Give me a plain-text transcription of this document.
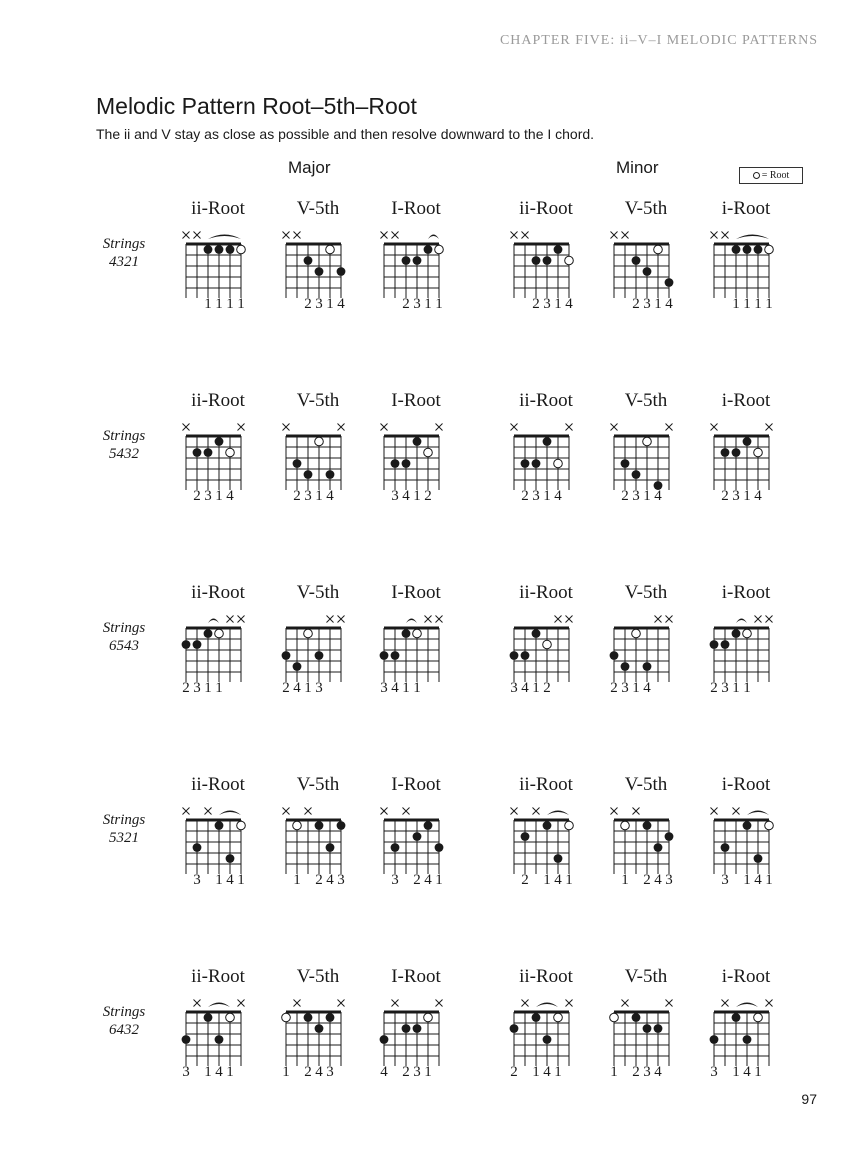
CHAPTER FIVE: ii–V–I MELODIC PATTERNS
Melodic Pattern Root–5th–Root

The ii and V stay as close as possible and then resolve downward to the I chord.

Major	Minor	= Root
Strings
4321
ii-Root
1 1 1 1
V-5th
2 3 1 4
I-Root
2 3 1 1
ii-Root
2 3 1 4
V-5th
2 3 1 4
i-Root
1 1 1 1
Strings
5432
ii-Root
2 3 1 4
V-5th
2 3 1 4
I-Root
3 4 1 2
ii-Root
2 3 1 4
V-5th
2 3 1 4
i-Root
2 3 1 4
Strings
6543
ii-Root
2 3 1 1
V-5th
2 4 1 3
I-Root
3 4 1 1
ii-Root
3 4 1 2
V-5th
2 3 1 4
i-Root
2 3 1 1
Strings
5321
ii-Root
3 1 4 1
V-5th
1 2 4 3
I-Root
3 2 4 1
ii-Root
2 1 4 1
V-5th
1 2 4 3
i-Root
3 1 4 1
Strings
6432
ii-Root
3 1 4 1
V-5th
1 2 4 3
I-Root
4 2 3 1
ii-Root
2 1 4 1
V-5th
1 2 3 4
i-Root
3 1 4 1
97
